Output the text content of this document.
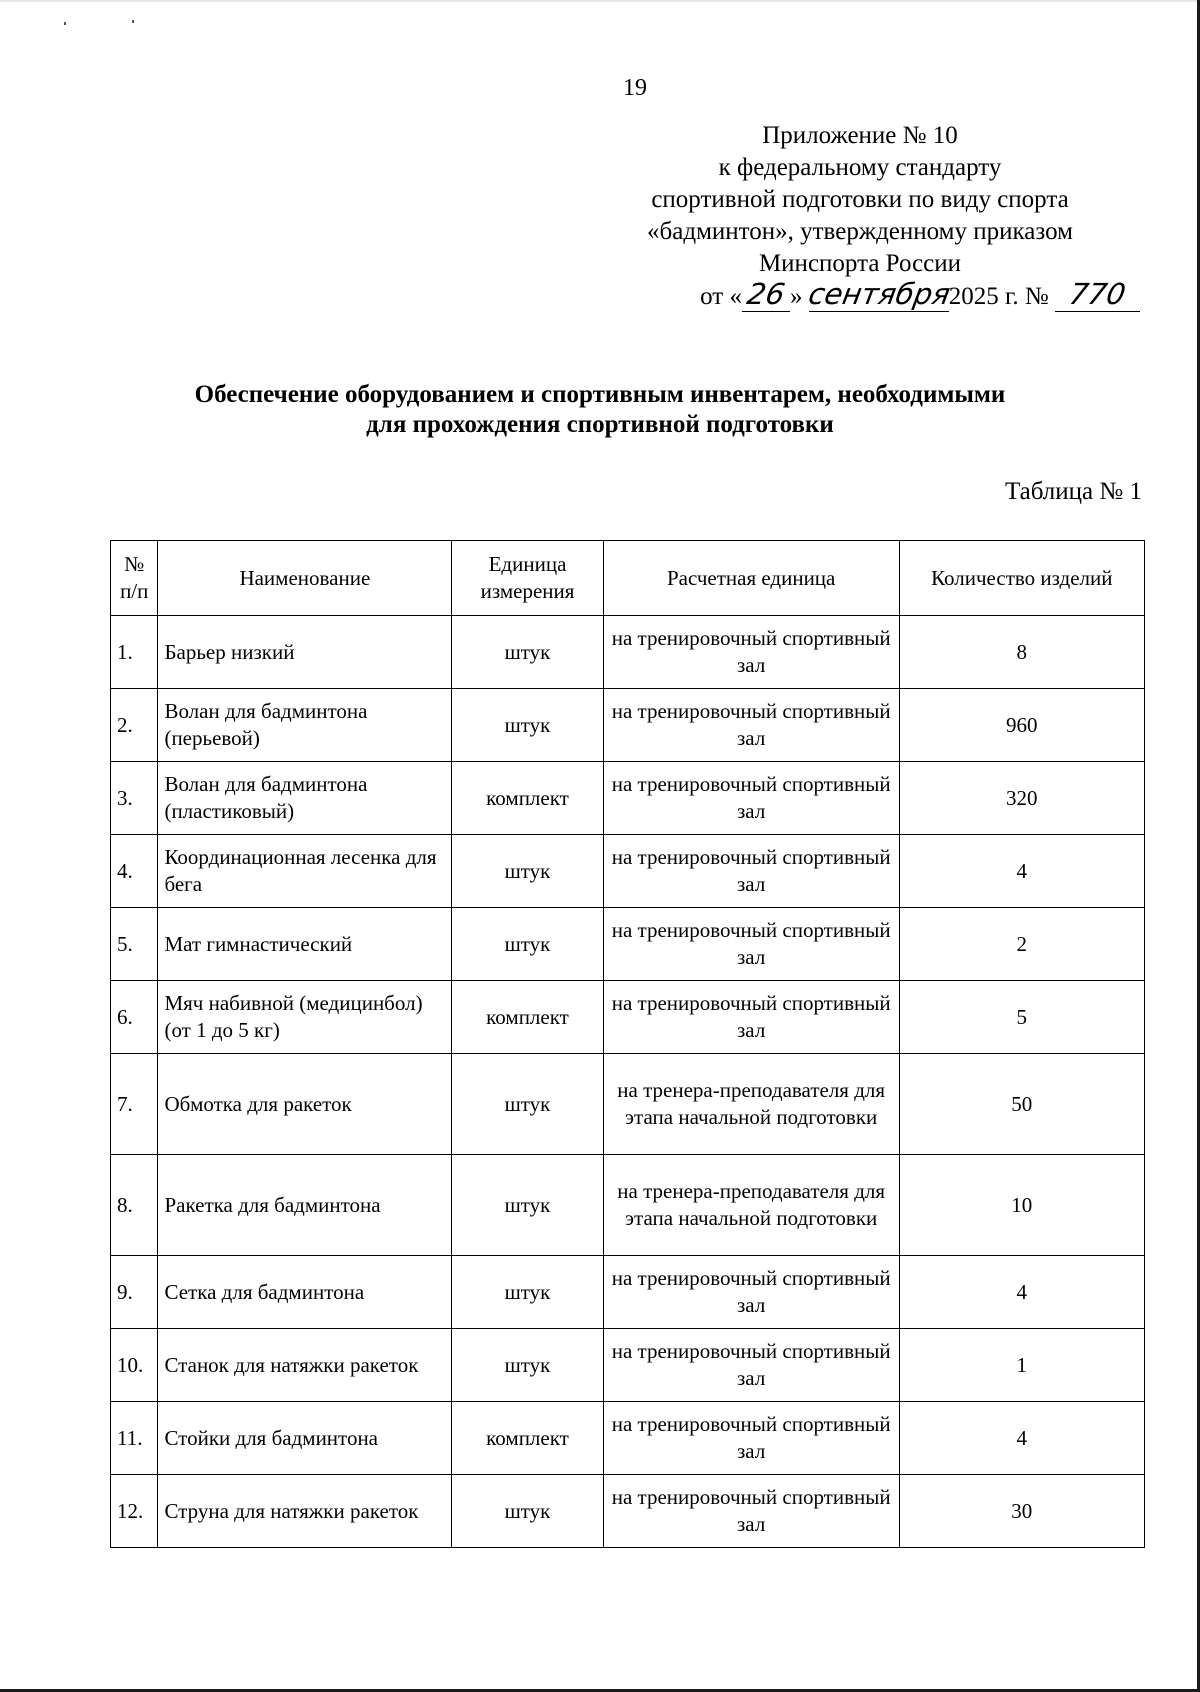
19
Приложение № 10
к федеральному стандарту
спортивной подготовки по виду спорта
«бадминтон», утвержденному приказом
Минспорта России
от «26 » сентября2025 г. № 770
Обеспечение оборудованием и спортивным инвентарем, необходимыми
для прохождения спортивной подготовки
Таблица № 1
№ п/п	Наименование	Единица измерения	Расчетная единица	Количество изделий
1.	Барьер низкий	штук	на тренировочный спортивный зал	8
2.	Волан для бадминтона (перьевой)	штук	на тренировочный спортивный зал	960
3.	Волан для бадминтона (пластиковый)	комплект	на тренировочный спортивный зал	320
4.	Координационная лесенка для бега	штук	на тренировочный спортивный зал	4
5.	Мат гимнастический	штук	на тренировочный спортивный зал	2
6.	Мяч набивной (медицинбол) (от 1 до 5 кг)	комплект	на тренировочный спортивный зал	5
7.	Обмотка для ракеток	штук	на тренера-преподавателя для этапа начальной подготовки	50
8.	Ракетка для бадминтона	штук	на тренера-преподавателя для этапа начальной подготовки	10
9.	Сетка для бадминтона	штук	на тренировочный спортивный зал	4
10.	Станок для натяжки ракеток	штук	на тренировочный спортивный зал	1
11.	Стойки для бадминтона	комплект	на тренировочный спортивный зал	4
12.	Струна для натяжки ракеток	штук	на тренировочный спортивный зал	30
